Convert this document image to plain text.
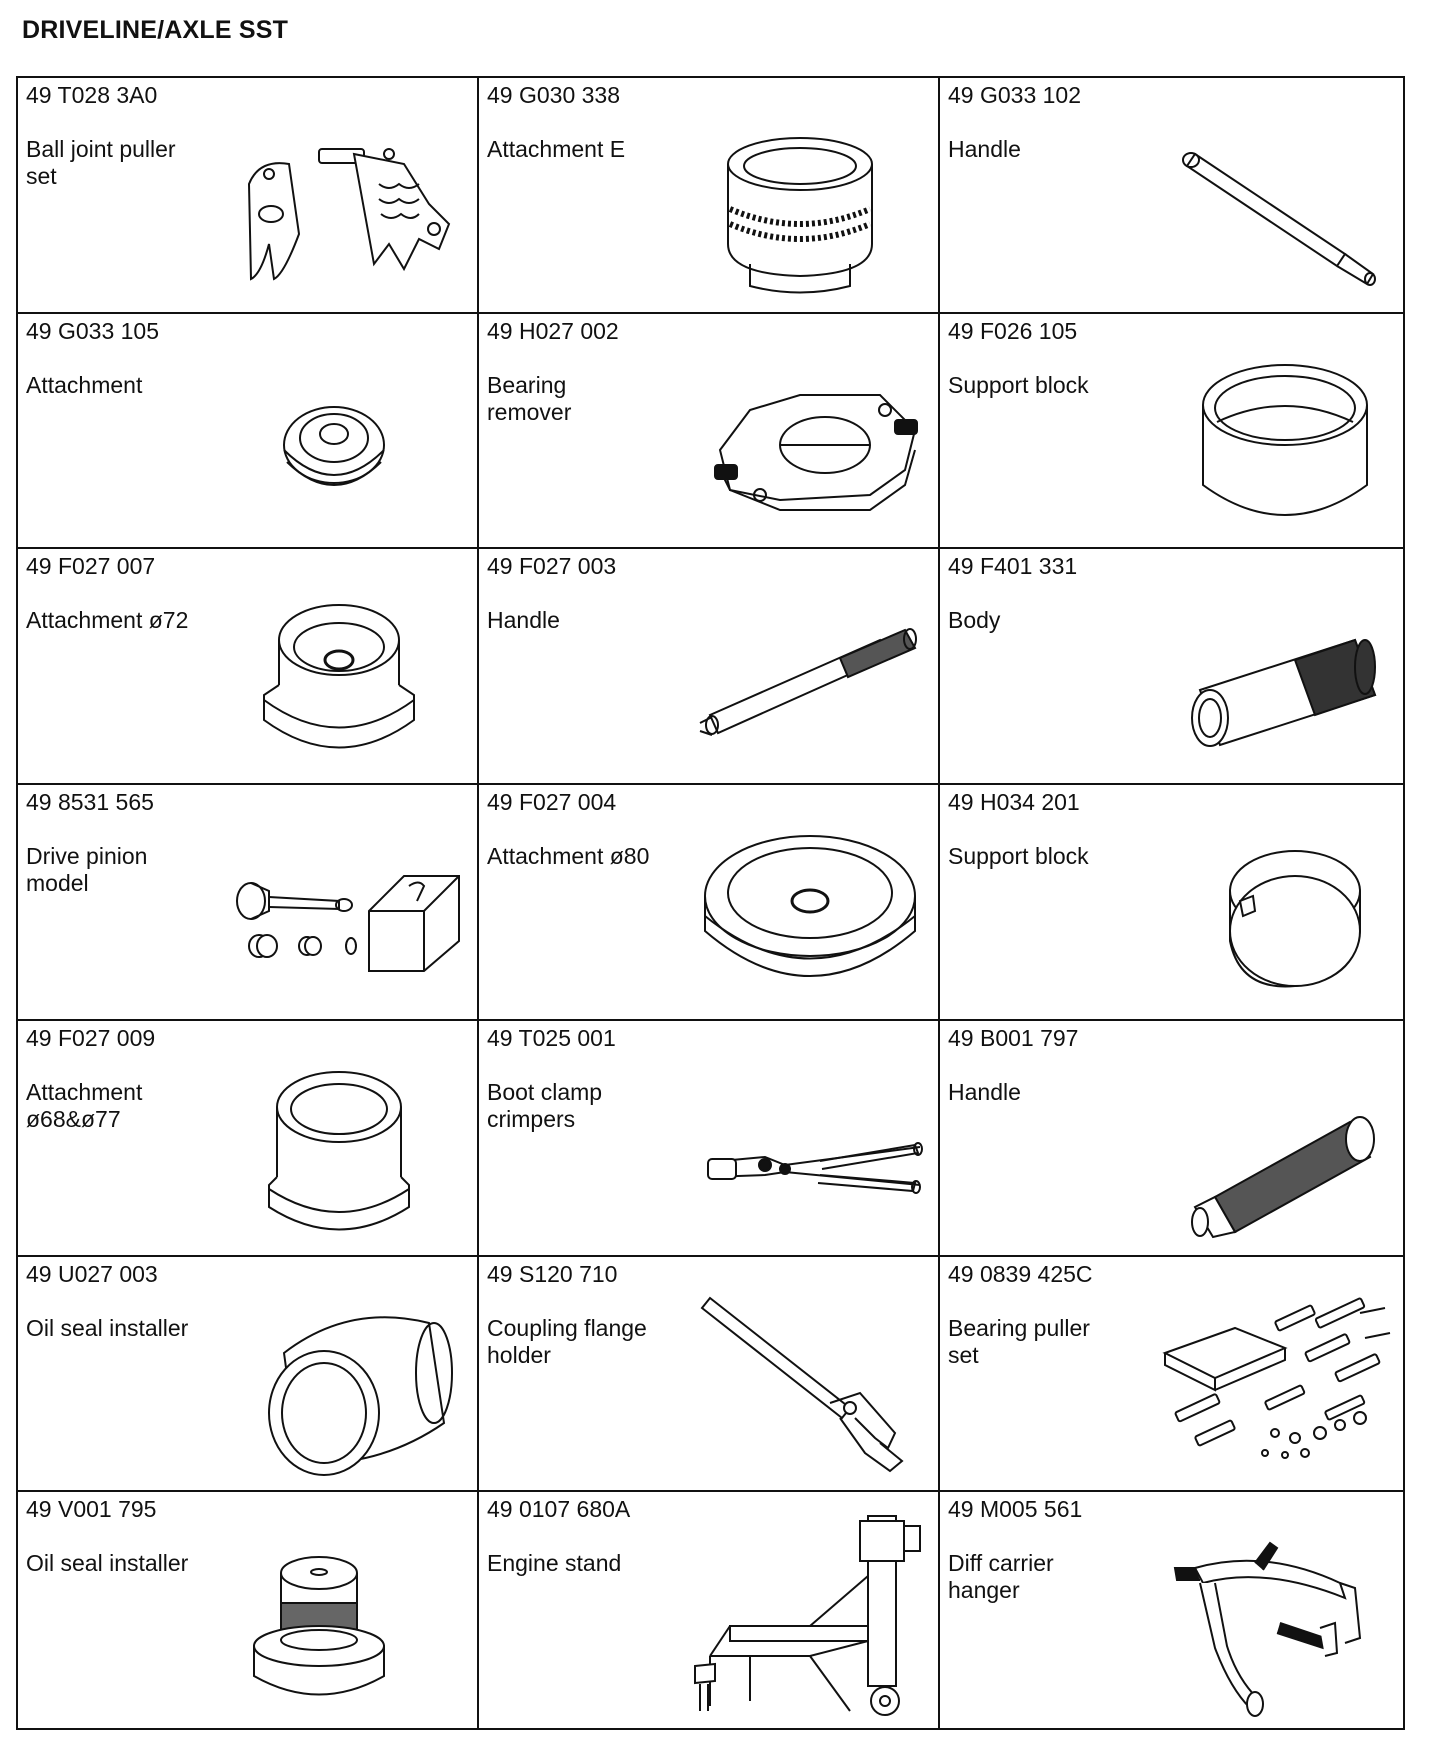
DRIVELINE/AXLE SST
49 T028 3A0
Ball joint puller
set
49 G030 338
Attachment E
49 G033 102
Handle
49 G033 105
Attachment
49 H027 002
Bearing
remover
49 F026 105
Support block
49 F027 007
Attachment ø72
49 F027 003
Handle
49 F401 331
Body
49 8531 565
Drive pinion
model
49 F027 004
Attachment ø80
49 H034 201
Support block
49 F027 009
Attachment
ø68&ø77
49 T025 001
Boot clamp
crimpers
49 B001 797
Handle
49 U027 003
Oil seal installer
49 S120 710
Coupling flange
holder
49 0839 425C
Bearing puller
set
49 V001 795
Oil seal installer
49 0107 680A
Engine stand
49 M005 561
Diff carrier
hanger
